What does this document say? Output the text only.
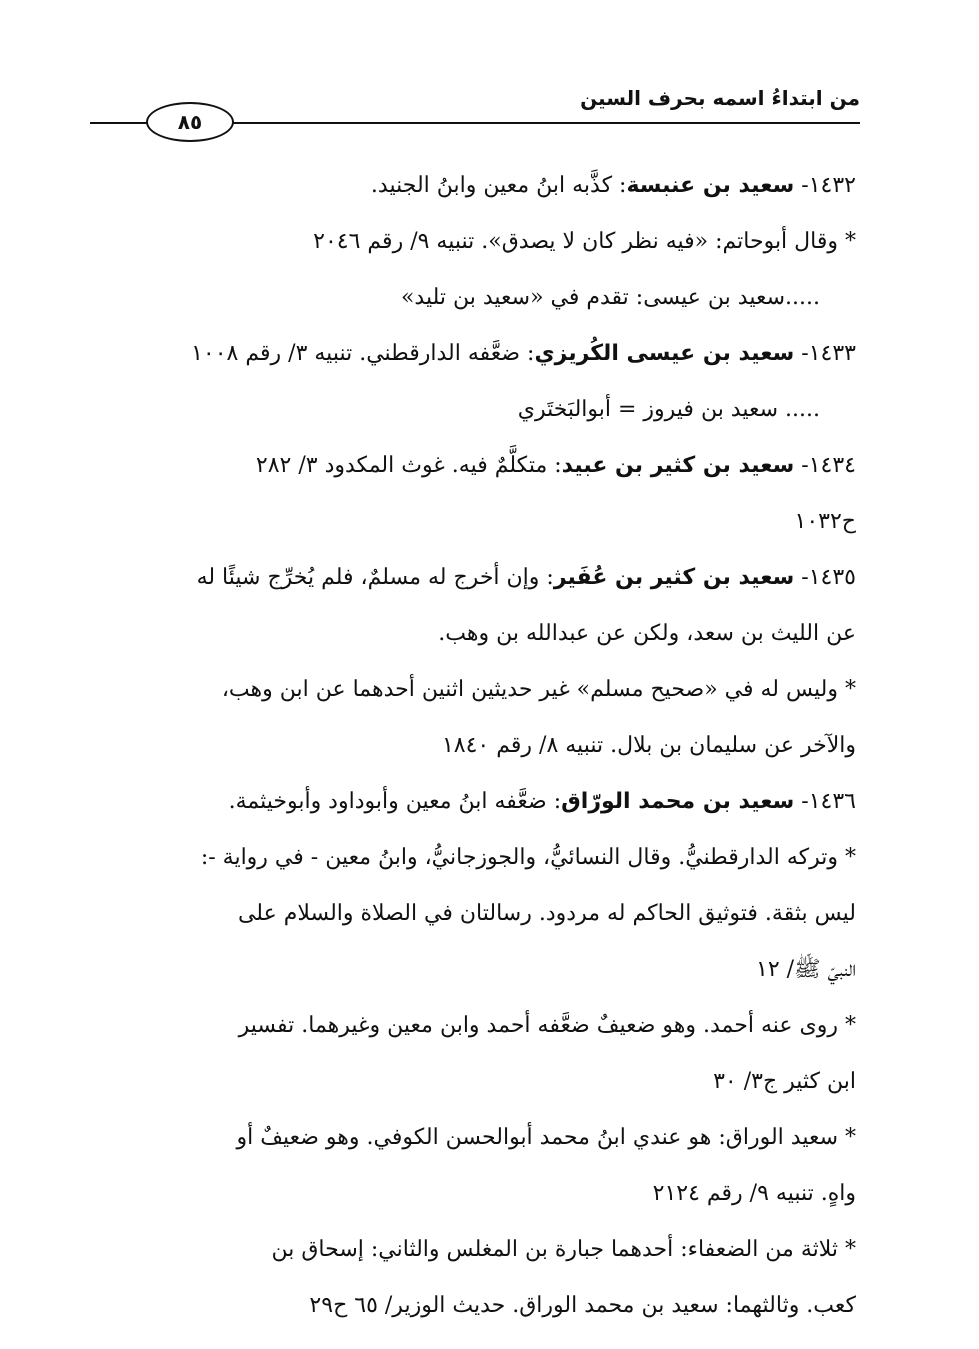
من ابتداءُ اسمه بحرف السين
٨٥
١٤٣٢- سعيد بن عنبسة: كذَّبه ابنُ معين وابنُ الجنيد.
* وقال أبوحاتم: «فيه نظر كان لا يصدق». تنبيه ٩/ رقم ٢٠٤٦
.....سعيد بن عيسى: تقدم في «سعيد بن تليد»
١٤٣٣- سعيد بن عيسى الكُريزي: ضعَّفه الدارقطني. تنبيه ٣/ رقم ١٠٠٨
..... سعيد بن فيروز = أبوالبَختَري
١٤٣٤- سعيد بن كثير بن عبيد: متكلَّمٌ فيه. غوث المكدود ٣/ ٢٨٢
ح١٠٣٢
١٤٣٥- سعيد بن كثير بن عُفَير: وإن أخرج له مسلمٌ، فلم يُخرِّج شيئًا له
عن الليث بن سعد، ولكن عن عبدالله بن وهب.
* وليس له في «صحيح مسلم» غير حديثين اثنين أحدهما عن ابن وهب،
والآخر عن سليمان بن بلال. تنبيه ٨/ رقم ١٨٤٠
١٤٣٦- سعيد بن محمد الورّاق: ضعَّفه ابنُ معين وأبوداود وأبوخيثمة.
* وتركه الدارقطنيُّ. وقال النسائيُّ، والجوزجانيُّ، وابنُ معين - في رواية -:
ليس بثقة. فتوثيق الحاكم له مردود. رسالتان في الصلاة والسلام على
النبيّ ﷺ/ ١٢
* روى عنه أحمد. وهو ضعيفٌ ضعَّفه أحمد وابن معين وغيرهما. تفسير
ابن كثير ج٣/ ٣٠
* سعيد الوراق: هو عندي ابنُ محمد أبوالحسن الكوفي. وهو ضعيفٌ أو
واهٍ. تنبيه ٩/ رقم ٢١٢٤
* ثلاثة من الضعفاء: أحدهما جبارة بن المغلس والثاني: إسحاق بن
كعب. وثالثهما: سعيد بن محمد الوراق. حديث الوزير/ ٦٥ ح٢٩
